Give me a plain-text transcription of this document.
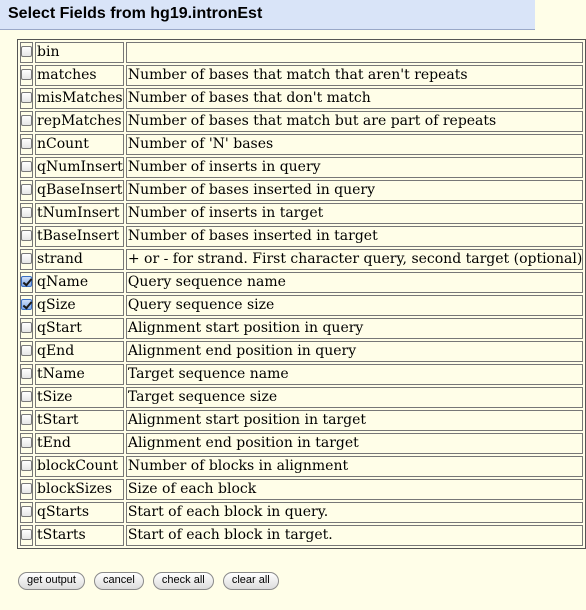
Select Fields from hg19.intronEst
	bin	
	matches	Number of bases that match that aren't repeats
	misMatches	Number of bases that don't match
	repMatches	Number of bases that match but are part of repeats
	nCount	Number of 'N' bases
	qNumInsert	Number of inserts in query
	qBaseInsert	Number of bases inserted in query
	tNumInsert	Number of inserts in target
	tBaseInsert	Number of bases inserted in target
	strand	+ or - for strand. First character query, second target (optional)
	qName	Query sequence name
	qSize	Query sequence size
	qStart	Alignment start position in query
	qEnd	Alignment end position in query
	tName	Target sequence name
	tSize	Target sequence size
	tStart	Alignment start position in target
	tEnd	Alignment end position in target
	blockCount	Number of blocks in alignment
	blockSizes	Size of each block
	qStarts	Start of each block in query.
	tStarts	Start of each block in target.
get output cancel check all clear all
